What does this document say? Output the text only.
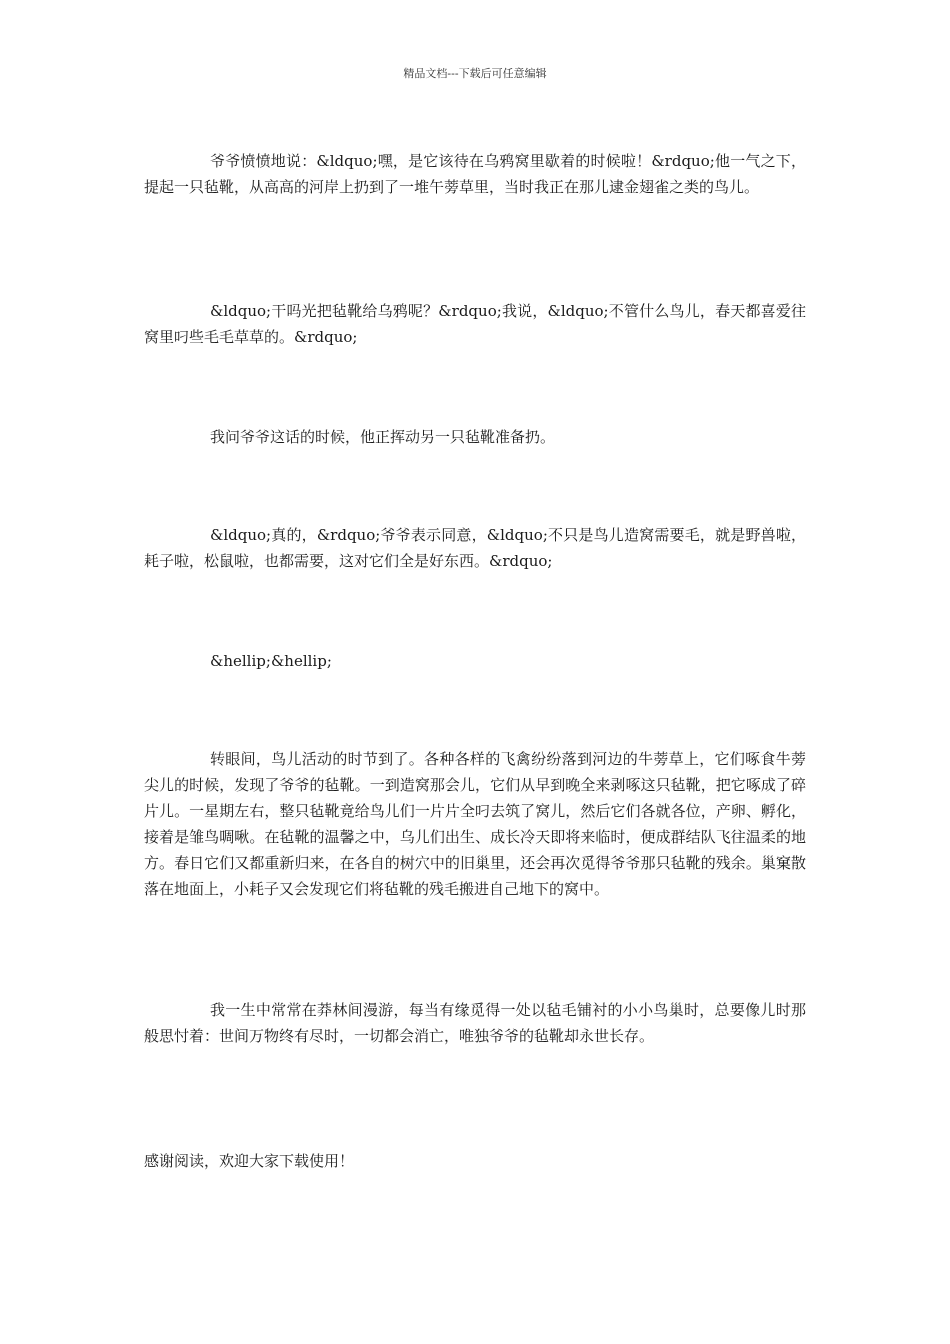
精品文档---下载后可任意编辑

爷爷愤愤地说：&ldquo;嘿，是它该待在乌鸦窝里歇着的时候啦！&rdquo;他一气之下，提起一只毡靴，从高高的河岸上扔到了一堆午蒡草里，当时我正在那儿逮金翅雀之类的鸟儿。

&ldquo;干吗光把毡靴给乌鸦呢？&rdquo;我说，&ldquo;不管什么鸟儿，春天都喜爱往窝里叼些毛毛草草的。&rdquo;

我问爷爷这话的时候，他正挥动另一只毡靴准备扔。

&ldquo;真的，&rdquo;爷爷表示同意，&ldquo;不只是鸟儿造窝需要毛，就是野兽啦，耗子啦，松鼠啦，也都需要，这对它们全是好东西。&rdquo;

&hellip;&hellip;

转眼间，鸟儿活动的时节到了。各种各样的飞禽纷纷落到河边的牛蒡草上，它们啄食牛蒡尖儿的时候，发现了爷爷的毡靴。一到造窝那会儿，它们从早到晚全来剥啄这只毡靴，把它啄成了碎片儿。一星期左右，整只毡靴竟给鸟儿们一片片全叼去筑了窝儿，然后它们各就各位，产卵、孵化，接着是雏鸟啁啾。在毡靴的温馨之中，乌儿们出生、成长冷天即将来临时，便成群结队飞往温柔的地方。春日它们又都重新归来，在各自的树穴中的旧巢里，还会再次觅得爷爷那只毡靴的残余。巢窠散落在地面上，小耗子又会发现它们将毡靴的残毛搬进自己地下的窝中。

我一生中常常在莽林间漫游，每当有缘觅得一处以毡毛铺衬的小小鸟巢时，总要像儿时那般思忖着：世间万物终有尽时，一切都会消亡，唯独爷爷的毡靴却永世长存。

感谢阅读，欢迎大家下载使用！
